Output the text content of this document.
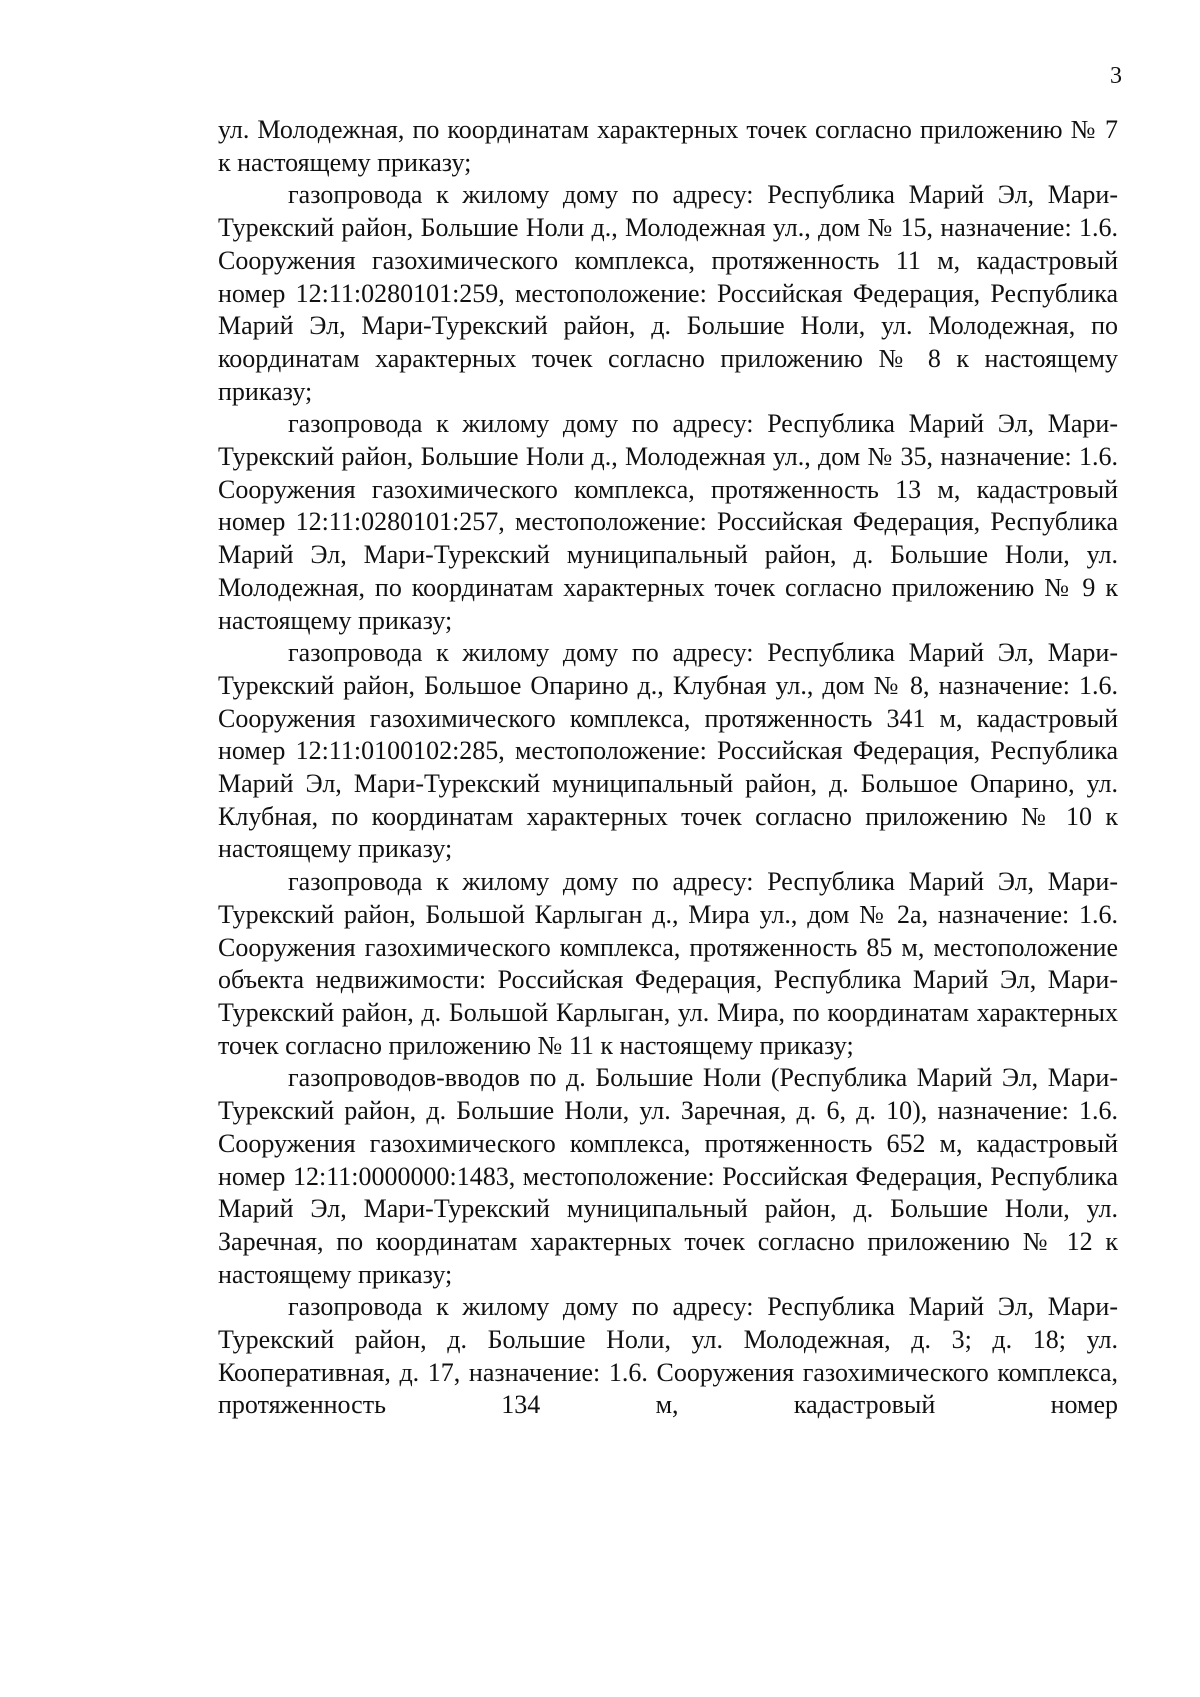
3

ул. Молодежная, по координатам характерных точек согласно приложению № 7 к настоящему приказу;

газопровода к жилому дому по адресу: Республика Марий Эл, Мари-Турекский район, Большие Ноли д., Молодежная ул., дом № 15, назначение: 1.6. Сооружения газохимического комплекса, протяженность 11 м, кадастровый номер 12:11:0280101:259, местоположение: Российская Федерация, Республика Марий Эл, Мари-Турекский район, д. Большие Ноли, ул. Молодежная, по координатам характерных точек согласно приложению № 8 к настоящему приказу;

газопровода к жилому дому по адресу: Республика Марий Эл, Мари-Турекский район, Большие Ноли д., Молодежная ул., дом № 35, назначение: 1.6. Сооружения газохимического комплекса, протяженность 13 м, кадастровый номер 12:11:0280101:257, местоположение: Российская Федерация, Республика Марий Эл, Мари-Турекский муниципальный район, д. Большие Ноли, ул. Молодежная, по координатам характерных точек согласно приложению № 9 к настоящему приказу;

газопровода к жилому дому по адресу: Республика Марий Эл, Мари-Турекский район, Большое Опарино д., Клубная ул., дом № 8, назначение: 1.6. Сооружения газохимического комплекса, протяженность 341 м, кадастровый номер 12:11:0100102:285, местоположение: Российская Федерация, Республика Марий Эл, Мари-Турекский муниципальный район, д. Большое Опарино, ул. Клубная, по координатам характерных точек согласно приложению № 10 к настоящему приказу;

газопровода к жилому дому по адресу: Республика Марий Эл, Мари-Турекский район, Большой Карлыган д., Мира ул., дом № 2а, назначение: 1.6. Сооружения газохимического комплекса, протяженность 85 м, местоположение объекта недвижимости: Российская Федерация, Республика Марий Эл, Мари-Турекский район, д. Большой Карлыган, ул. Мира, по координатам характерных точек согласно приложению № 11 к настоящему приказу;

газопроводов-вводов по д. Большие Ноли (Республика Марий Эл, Мари-Турекский район, д. Большие Ноли, ул. Заречная, д. 6, д. 10), назначение: 1.6. Сооружения газохимического комплекса, протяженность 652 м, кадастровый номер 12:11:0000000:1483, местоположение: Российская Федерация, Республика Марий Эл, Мари-Турекский муниципальный район, д. Большие Ноли, ул. Заречная, по координатам характерных точек согласно приложению № 12 к настоящему приказу;

газопровода к жилому дому по адресу: Республика Марий Эл, Мари-Турекский район, д. Большие Ноли, ул. Молодежная, д. 3; д. 18; ул. Кооперативная, д. 17, назначение: 1.6. Сооружения газохимического комплекса, протяженность 134 м, кадастровый номер
